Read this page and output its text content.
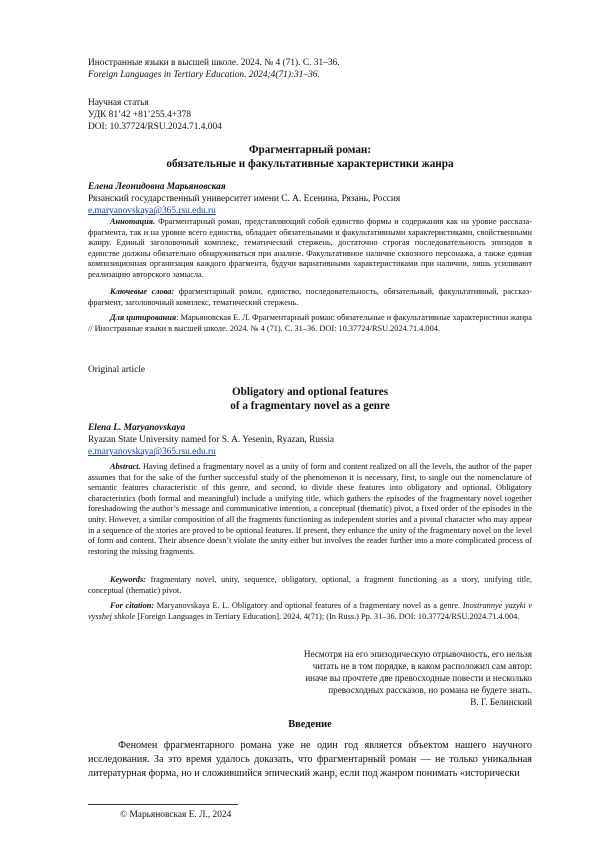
Иностранные языки в высшей школе. 2024. № 4 (71). С. 31–36.
Foreign Languages in Tertiary Education. 2024;4(71):31–36.
Научная статья
УДК 81’42 +81’255.4+378
DOI: 10.37724/RSU.2024.71.4.004
Фрагментарный роман:
обязательные и факультативные характеристики жанра
Елена Леонидовна Марьяновская
Рязанский государственный университет имени С. А. Есенина, Рязань, Россия
e.maryanovskaya@365.rsu.edu.ru
Аннотация. Фрагментарный роман, представляющий собой единство формы и содержания как на уровне рассказа-фрагмента, так и на уровне всего единства, обладает обязательными и факультативными характеристиками, свойственными жанру. Единый заголовочный комплекс, тематический стержень, достаточно строгая последовательность эпизодов в единстве должны обязательно обнаруживаться при анализе. Факультативное наличие сквозного персонажа, а также единая композиционная организация каждого фрагмента, будучи вариативными характеристиками при наличии, лишь усиливают реализацию авторского замысла.
Ключевые слова: фрагментарный роман, единство, последовательность, обязательный, факультативный, рассказ-фрагмент, заголовочный комплекс, тематический стержень.
Для цитирования: Марьяновская Е. Л. Фрагментарный роман: обязательные и факультативные характеристики жанра // Иностранные языки в высшей школе. 2024. № 4 (71). С. 31–36. DOI: 10.37724/RSU.2024.71.4.004.
Original article
Obligatory and optional features
of a fragmentary novel as a genre
Elena L. Maryanovskaya
Ryazan State University named for S. A. Yesenin, Ryazan, Russia
e.maryanovskaya@365.rsu.edu.ru
Abstract. Having defined a fragmentary novel as a unity of form and content realized on all the levels, the author of the paper assumes that for the sake of the further successful study of the phenomenon it is necessary, first, to single out the nomenclature of semantic features characteristic of this genre, and second, to divide these features into obligatory and optional. Obligatory characteristics (both formal and meaningful) include a unifying title, which gathers the episodes of the fragmentary novel together foreshadowing the author’s message and communicative intention, a conceptual (thematic) pivot, a fixed order of the episodes in the unity. However, a similar composition of all the fragments functioning as independent stories and a pivotal character who may appear in a sequence of the stories are proved to be optional features. If present, they enhance the unity of the fragmentary novel on the level of form and content. Their absence doesn’t violate the unity either but involves the reader further into a more complicated process of restoring the missing fragments.
Keywords: fragmentary novel, unity, sequence, obligatory, optional, a fragment functioning as a story, unifying title, conceptual (thematic) pivot.
For citation: Maryanovskaya E. L. Obligatory and optional features of a fragmentary novel as a genre. Inostrannye yazyki v vysshej shkole [Foreign Languages in Tertiary Education]. 2024, 4(71); (In Russ.) Pp. 31–36. DOI: 10.37724/RSU.2024.71.4.004.
Несмотря на его эпизодическую отрывочность, его нельзя
читать не в том порядке, в каком расположил сам автор:
иначе вы прочтете две превосходные повести и несколько
превосходных рассказов, но романа не будете знать.
В. Г. Белинский
Введение
Феномен фрагментарного романа уже не один год является объектом нашего научного исследования. За это время удалось доказать, что фрагментарный роман — не только уникальная литературная форма, но и сложившийся эпический жанр, если под жанром понимать «исторически
© Марьяновская Е. Л., 2024
